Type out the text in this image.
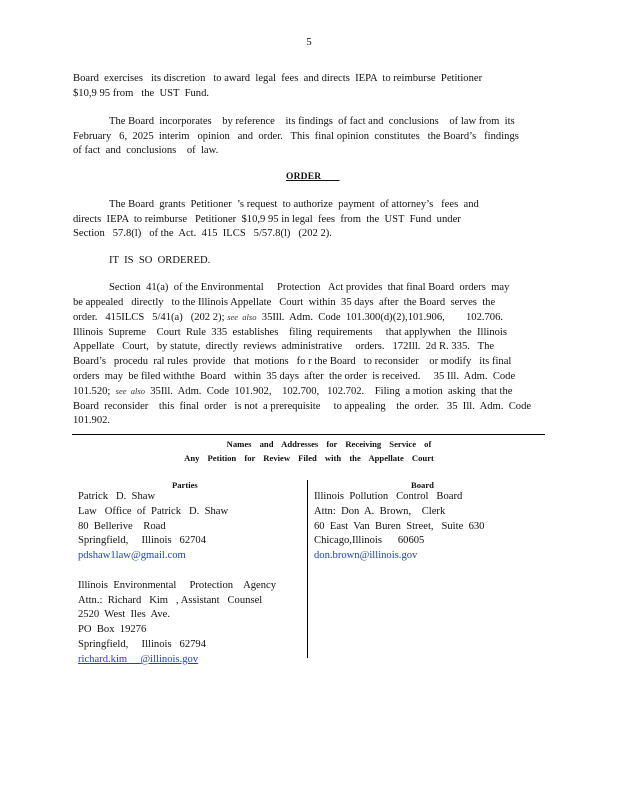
5
Board  exercises   its discretion   to award  legal  fees  and directs  IEPA  to reimburse  Petitioner
$10,9 95 from   the  UST  Fund.
The Board  incorporates    by reference    its findings  of fact and  conclusions    of law from  its
February   6,  2025  interim   opinion   and  order.   This  final opinion  constitutes   the Board’s   findings
of fact  and  conclusions    of  law.
ORDER
The Board  grants  Petitioner  ’s request  to authorize  payment  of attorney’s   fees  and
directs  IEPA  to reimburse   Petitioner  $10,9 95 in legal  fees  from  the  UST  Fund  under
Section   57.8(l)   of the  Act.  415  ILCS   5/57.8(l)   (202 2).
IT  IS  SO  ORDERED.
Section  41(a)  of the Environmental     Protection   Act provides  that final Board  orders  may
be appealed   directly   to the Illinois Appellate   Court  within  35 days  after  the Board  serves  the
order.   415ILCS   5/41(a)   (202 2); see  also  35Ill.  Adm.  Code  101.300(d)(2),101.906,        102.706.
Illinois  Supreme    Court  Rule  335  establishes    filing  requirements     that applywhen   the  Illinois
Appellate   Court,   by statute,  directly  reviews  administrative     orders.   172Ill.  2d R. 335.   The
Board’s   procedu  ral rules  provide   that  motions   fo r the Board   to reconsider    or modify   its final
orders  may  be filed withthe  Board   within  35 days  after  the order  is received.     35 Ill.  Adm.  Code
101.520;  see  also  35Ill.  Adm.  Code  101.902,    102.700,   102.702.    Filing  a motion  asking  that the
Board  reconsider    this  final  order   is not  a prerequisite     to appealing    the  order.   35  Ill.  Adm.  Code
101.902.
Names and Addresses for Receiving Service of
Any Petition for Review Filed with the Appellate Court
Parties
Patrick   D.  Shaw
Law   Office  of  Patrick   D.  Shaw
80  Bellerive    Road
Springfield,     Illinois   62704
pdshaw1law@gmail.com
Illinois  Environmental     Protection    Agency
Attn.:  Richard   Kim   , Assistant   Counsel
2520  West  Iles  Ave.
PO  Box  19276
Springfield,     Illinois   62794
richard.kim     @illinois.gov
Board
Illinois  Pollution   Control   Board
Attn:  Don  A.  Brown,    Clerk
60  East  Van  Buren  Street,   Suite  630
Chicago,Illinois      60605
don.brown@illinois.gov
